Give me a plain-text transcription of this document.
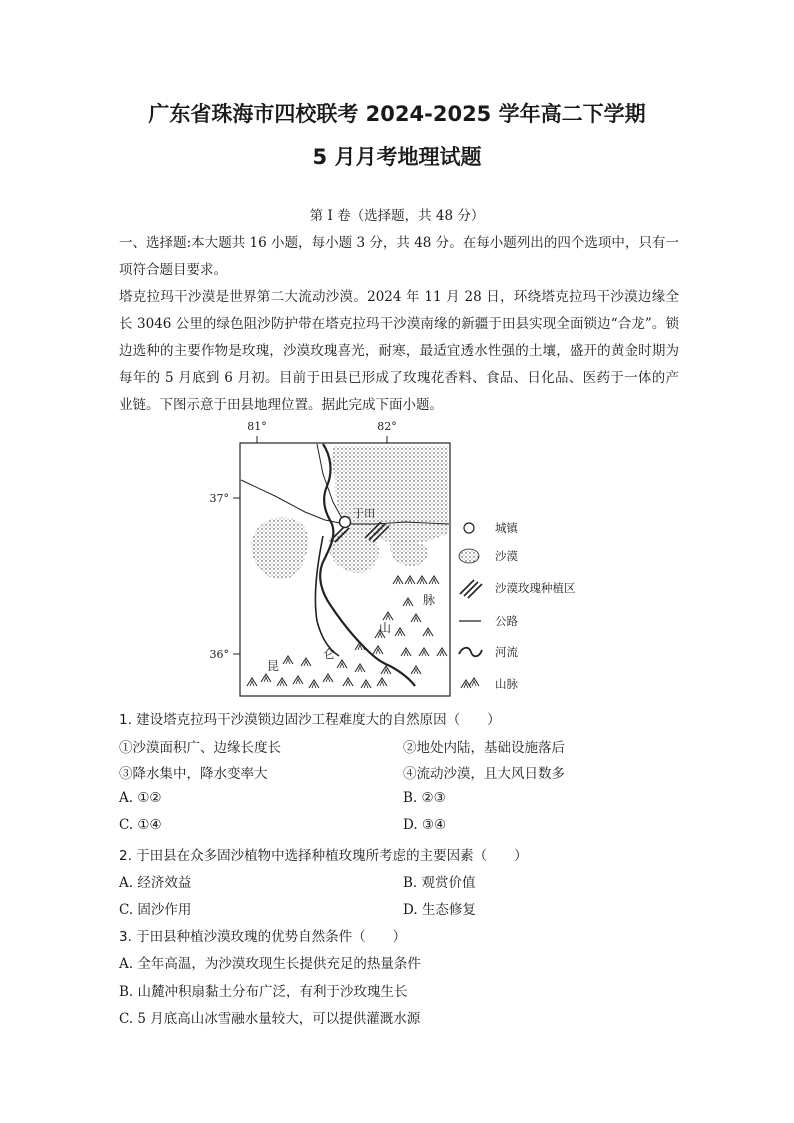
广东省珠海市四校联考 2024-2025 学年高二下学期
5 月月考地理试题
第 I 卷（选择题，共 48 分）

一、选择题:本大题共 16 小题，每小题 3 分，共 48 分。在每小题列出的四个选项中，只有一项符合题目要求。

塔克拉玛干沙漠是世界第二大流动沙漠。2024 年 11 月 28 日，环绕塔克拉玛干沙漠边缘全长 3046 公里的绿色阻沙防护带在塔克拉玛干沙漠南缘的新疆于田县实现全面锁边“合龙”。锁边选种的主要作物是玫瑰，沙漠玫瑰喜光，耐寒，最适宜透水性强的土壤，盛开的黄金时期为每年的 5 月底到 6 月初。目前于田县已形成了玫瑰花香料、食品、日化品、医药于一体的产业链。下图示意于田县地理位置。据此完成下面小题。

81°	82°
37°
36°
于田
昆
仑
山
脉
城镇
沙漠
沙漠玫瑰种植区
公路
河流
山脉
1. 建设塔克拉玛干沙漠锁边固沙工程难度大的自然原因（　　）
①沙漠面积广、边缘长度长	②地处内陆，基础设施落后
③降水集中，降水变率大	④流动沙漠，且大风日数多
A. ①②	B. ②③
C. ①④	D. ③④
2. 于田县在众多固沙植物中选择种植玫瑰所考虑的主要因素（　　）
A. 经济效益	B. 观赏价值
C. 固沙作用	D. 生态修复
3. 于田县种植沙漠玫瑰的优势自然条件（　　）
A. 全年高温，为沙漠玫现生长提供充足的热量条件
B. 山麓冲积扇黏土分布广泛，有利于沙玫瑰生长
C. 5 月底高山冰雪融水量较大，可以提供灌溉水源
